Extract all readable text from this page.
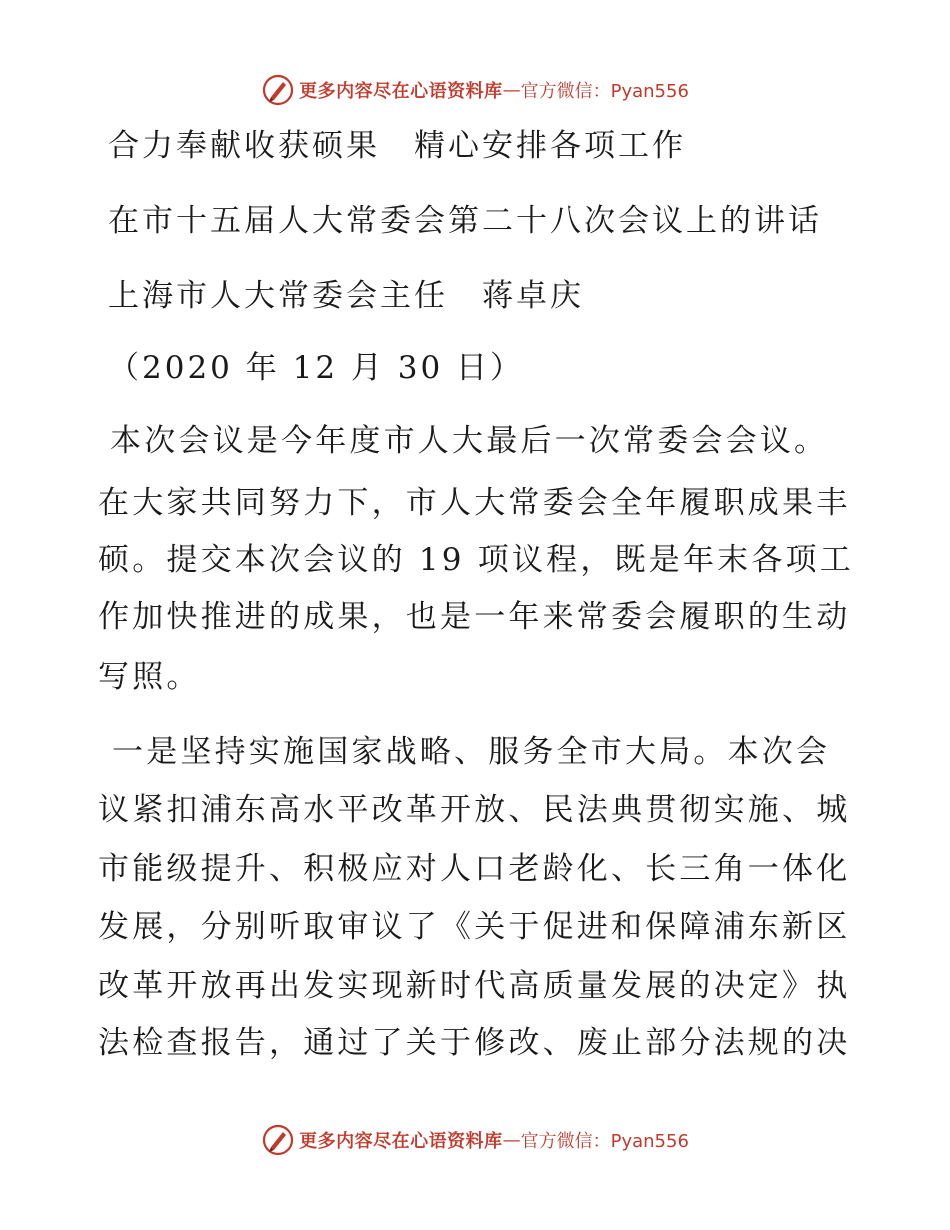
更多内容尽在心语资料库 — 官方微信：Pyan556
合力奉献收获硕果　精心安排各项工作
在市十五届人大常委会第二十八次会议上的讲话
上海市人大常委会主任　蒋卓庆
（2020 年 12 月 30 日）
本次会议是今年度市人大最后一次常委会会议。
在大家共同努力下，市人大常委会全年履职成果丰
硕。提交本次会议的 19 项议程，既是年末各项工
作加快推进的成果，也是一年来常委会履职的生动
写照。
一是坚持实施国家战略、服务全市大局。本次会
议紧扣浦东高水平改革开放、民法典贯彻实施、城
市能级提升、积极应对人口老龄化、长三角一体化
发展，分别听取审议了《关于促进和保障浦东新区
改革开放再出发实现新时代高质量发展的决定》执
法检查报告，通过了关于修改、废止部分法规的决
更多内容尽在心语资料库 — 官方微信：Pyan556
